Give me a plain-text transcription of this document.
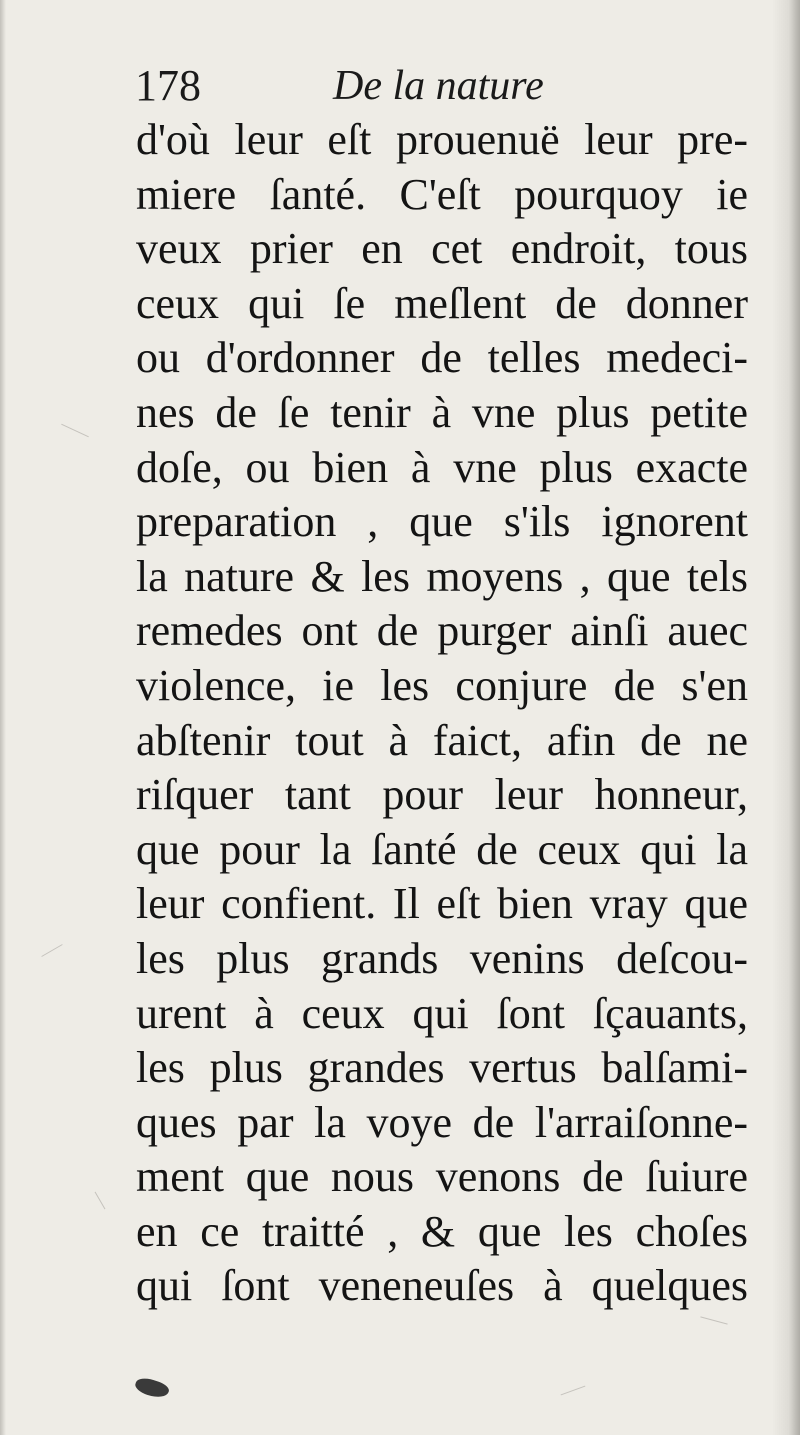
178	De la nature
d'où leur eſt prouenuë leur pre-
miere ſanté. C'eſt pourquoy ie
veux prier en cet endroit, tous
ceux qui ſe meſlent de donner
ou d'ordonner de telles medeci-
nes de ſe tenir à vne plus petite
doſe, ou bien à vne plus exacte
preparation , que s'ils ignorent
la nature & les moyens , que tels
remedes ont de purger ainſi auec
violence, ie les conjure de s'en
abſtenir tout à faict, afin de ne
riſquer tant pour leur honneur,
que pour la ſanté de ceux qui la
leur confient. Il eſt bien vray que
les plus grands venins deſcou-
urent à ceux qui ſont ſçauants,
les plus grandes vertus balſami-
ques par la voye de l'arraiſonne-
ment que nous venons de ſuiure
en ce traitté , & que les choſes
qui ſont veneneuſes à quelques
